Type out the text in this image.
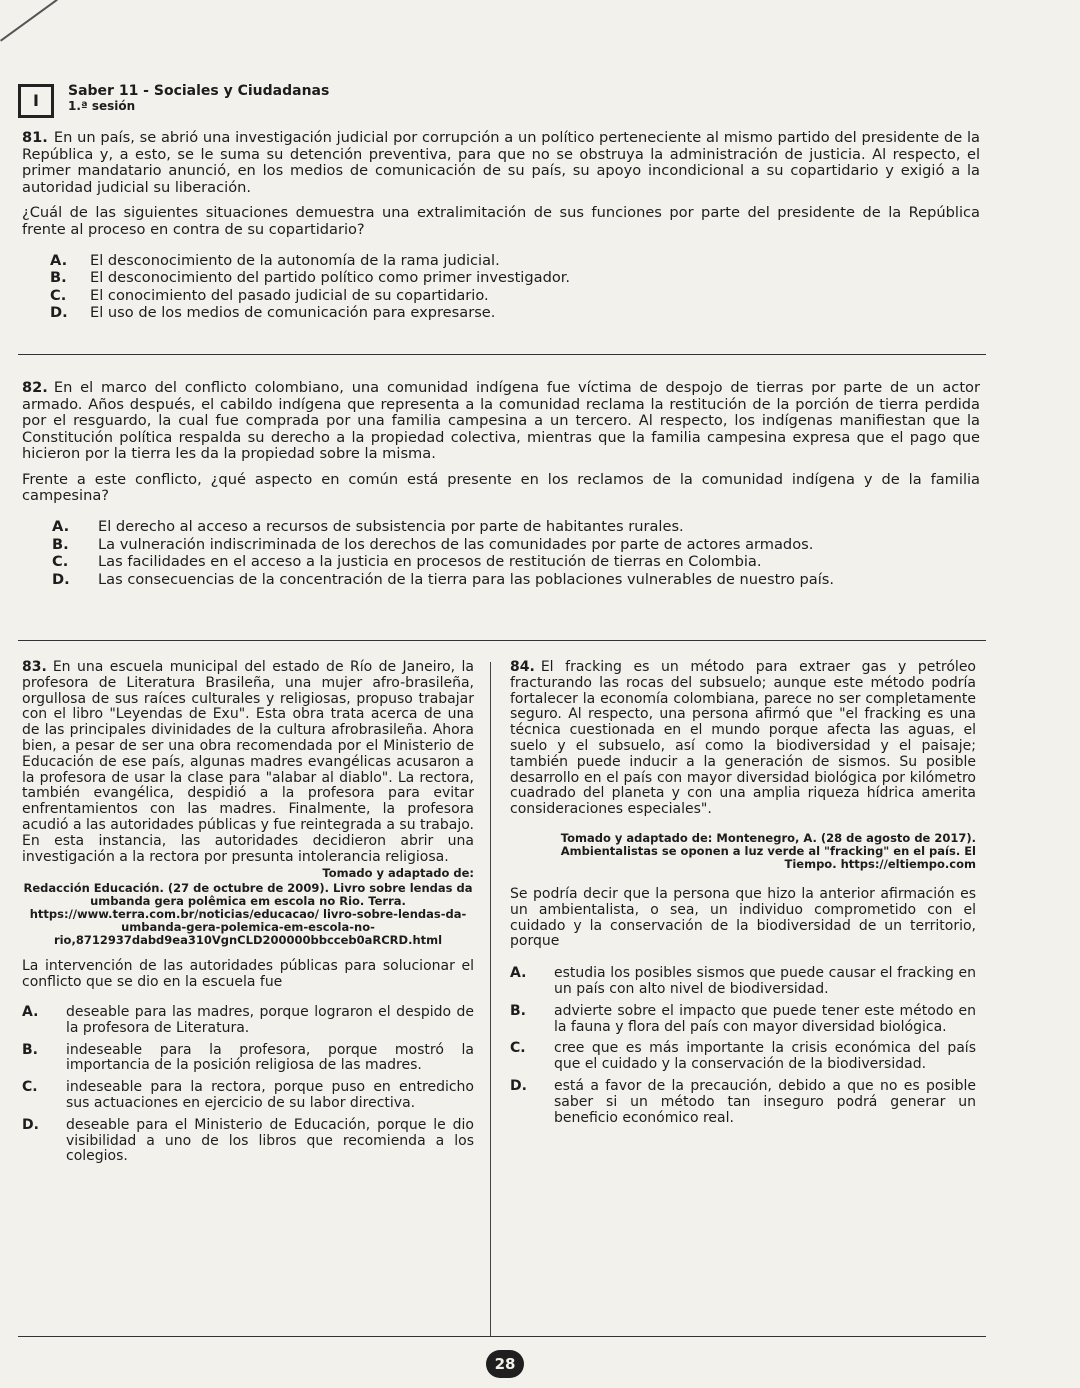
I Saber 11 - Sociales y Ciudadanas
1.ª sesión

81. En un país, se abrió una investigación judicial por corrupción a un político perteneciente al mismo partido del presidente de la República y, a esto, se le suma su detención preventiva, para que no se obstruya la administración de justicia. Al respecto, el primer mandatario anunció, en los medios de comunicación de su país, su apoyo incondicional a su copartidario y exigió a la autoridad judicial su liberación.

¿Cuál de las siguientes situaciones demuestra una extralimitación de sus funciones por parte del presidente de la República frente al proceso en contra de su copartidario?

A.	El desconocimiento de la autonomía de la rama judicial.
B.	El desconocimiento del partido político como primer investigador.
C.	El conocimiento del pasado judicial de su copartidario.
D.	El uso de los medios de comunicación para expresarse.

82. En el marco del conflicto colombiano, una comunidad indígena fue víctima de despojo de tierras por parte de un actor armado. Años después, el cabildo indígena que representa a la comunidad reclama la restitución de la porción de tierra perdida por el resguardo, la cual fue comprada por una familia campesina a un tercero. Al respecto, los indígenas manifiestan que la Constitución política respalda su derecho a la propiedad colectiva, mientras que la familia campesina expresa que el pago que hicieron por la tierra les da la propiedad sobre la misma.

Frente a este conflicto, ¿qué aspecto en común está presente en los reclamos de la comunidad indígena y de la familia campesina?

A.	El derecho al acceso a recursos de subsistencia por parte de habitantes rurales.
B.	La vulneración indiscriminada de los derechos de las comunidades por parte de actores armados.
C.	Las facilidades en el acceso a la justicia en procesos de restitución de tierras en Colombia.
D.	Las consecuencias de la concentración de la tierra para las poblaciones vulnerables de nuestro país.

83. En una escuela municipal del estado de Río de Janeiro, la profesora de Literatura Brasileña, una mujer afro-brasileña, orgullosa de sus raíces culturales y religiosas, propuso trabajar con el libro "Leyendas de Exu". Esta obra trata acerca de una de las principales divinidades de la cultura afrobrasileña. Ahora bien, a pesar de ser una obra recomendada por el Ministerio de Educación de ese país, algunas madres evangélicas acusaron a la profesora de usar la clase para "alabar al diablo". La rectora, también evangélica, despidió a la profesora para evitar enfrentamientos con las madres. Finalmente, la profesora acudió a las autoridades públicas y fue reintegrada a su trabajo. En esta instancia, las autoridades decidieron abrir una investigación a la rectora por presunta intolerancia religiosa.

Tomado y adaptado de:
Redacción Educación. (27 de octubre de 2009). Livro sobre lendas da umbanda gera polêmica em escola no Rio. Terra. https://www.terra.com.br/noticias/educacao/ livro-sobre-lendas-da-umbanda-gera-polemica-em-escola-no-rio,8712937dabd9ea310VgnCLD200000bbcceb0aRCRD.html

La intervención de las autoridades públicas para solucionar el conflicto que se dio en la escuela fue

A.	deseable para las madres, porque lograron el despido de la profesora de Literatura.
B.	indeseable para la profesora, porque mostró la importancia de la posición religiosa de las madres.
C.	indeseable para la rectora, porque puso en entredicho sus actuaciones en ejercicio de su labor directiva.
D.	deseable para el Ministerio de Educación, porque le dio visibilidad a uno de los libros que recomienda a los colegios.

84. El fracking es un método para extraer gas y petróleo fracturando las rocas del subsuelo; aunque este método podría fortalecer la economía colombiana, parece no ser completamente seguro. Al respecto, una persona afirmó que "el fracking es una técnica cuestionada en el mundo porque afecta las aguas, el suelo y el subsuelo, así como la biodiversidad y el paisaje; también puede inducir a la generación de sismos. Su posible desarrollo en el país con mayor diversidad biológica por kilómetro cuadrado del planeta y con una amplia riqueza hídrica amerita consideraciones especiales".

Tomado y adaptado de: Montenegro, A. (28 de agosto de 2017). Ambientalistas se oponen a luz verde al "fracking" en el país. El Tiempo. https://eltiempo.com

Se podría decir que la persona que hizo la anterior afirmación es un ambientalista, o sea, un individuo comprometido con el cuidado y la conservación de la biodiversidad de un territorio, porque

A.	estudia los posibles sismos que puede causar el fracking en un país con alto nivel de biodiversidad.
B.	advierte sobre el impacto que puede tener este método en la fauna y flora del país con mayor diversidad biológica.
C.	cree que es más importante la crisis económica del país que el cuidado y la conservación de la biodiversidad.
D.	está a favor de la precaución, debido a que no es posible saber si un método tan inseguro podrá generar un beneficio económico real.
28
